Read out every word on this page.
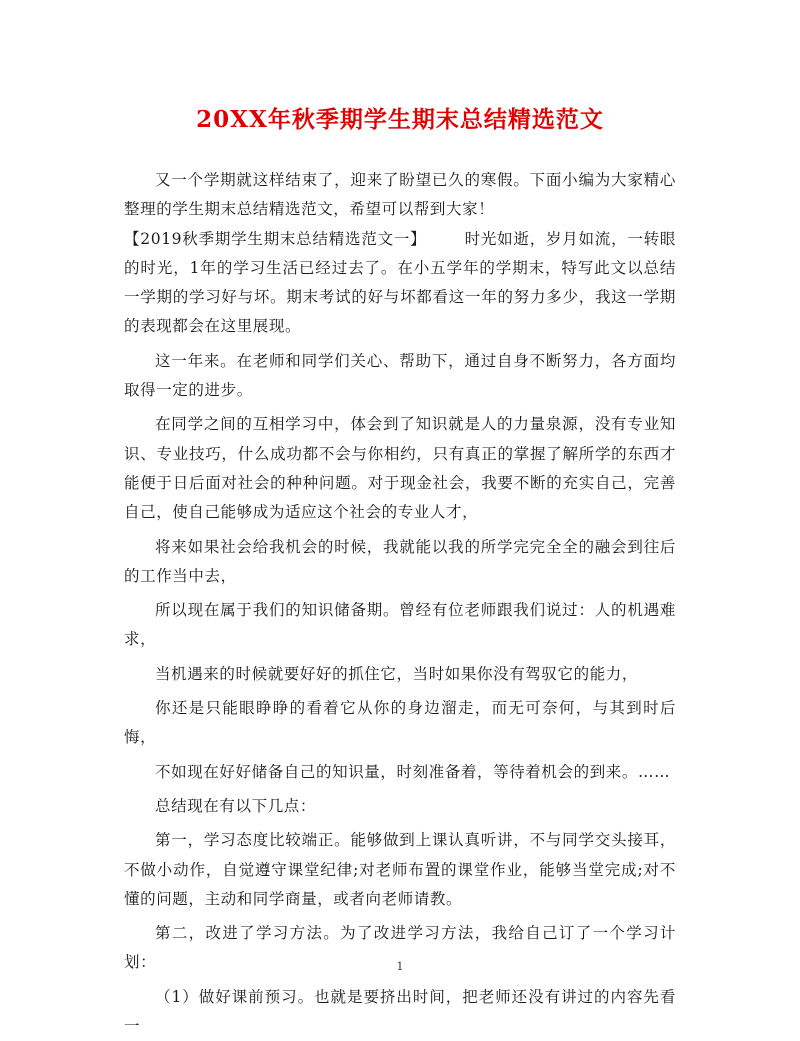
20XX年秋季期学生期末总结精选范文

又一个学期就这样结束了，迎来了盼望已久的寒假。下面小编为大家精心整理的学生期末总结精选范文，希望可以帮到大家！

【2019秋季期学生期末总结精选范文一】 时光如逝，岁月如流，一转眼的时光，1年的学习生活已经过去了。在小五学年的学期末，特写此文以总结一学期的学习好与坏。期末考试的好与坏都看这一年的努力多少，我这一学期的表现都会在这里展现。

这一年来。在老师和同学们关心、帮助下，通过自身不断努力，各方面均取得一定的进步。

在同学之间的互相学习中，体会到了知识就是人的力量泉源，没有专业知识、专业技巧，什么成功都不会与你相约，只有真正的掌握了解所学的东西才能便于日后面对社会的种种问题。对于现金社会，我要不断的充实自己，完善自己，使自己能够成为适应这个社会的专业人才，

将来如果社会给我机会的时候，我就能以我的所学完完全全的融会到往后的工作当中去，

所以现在属于我们的知识储备期。曾经有位老师跟我们说过：人的机遇难求，

当机遇来的时候就要好好的抓住它，当时如果你没有驾驭它的能力，

你还是只能眼睁睁的看着它从你的身边溜走，而无可奈何，与其到时后悔，

不如现在好好储备自己的知识量，时刻准备着，等待着机会的到来。……

总结现在有以下几点：

第一，学习态度比较端正。能够做到上课认真听讲，不与同学交头接耳，不做小动作，自觉遵守课堂纪律;对老师布置的课堂作业，能够当堂完成;对不懂的问题，主动和同学商量，或者向老师请教。

第二，改进了学习方法。为了改进学习方法，我给自己订了一个学习计划：

（1）做好课前预习。也就是要挤出时间，把老师还没有讲过的内容先看一

1
